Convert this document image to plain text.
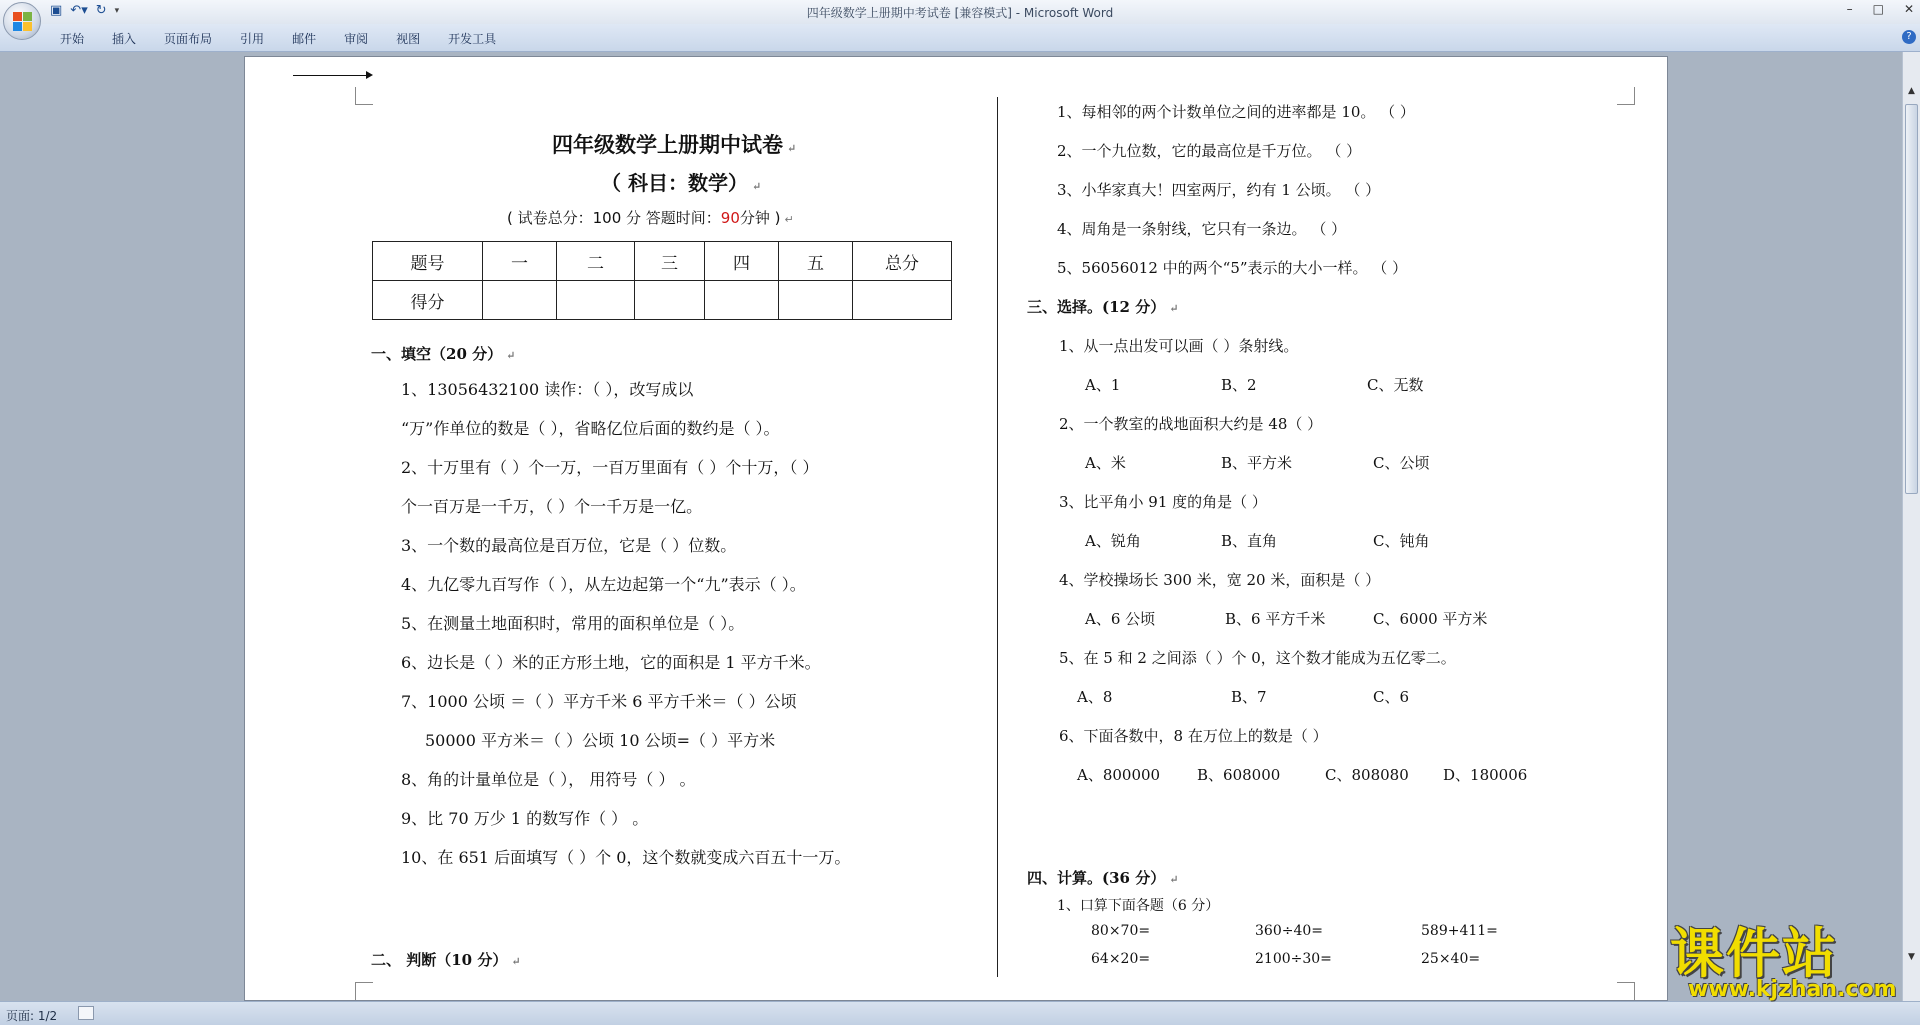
▣ ↶▾ ↻ ▾	四年级数学上册期中考试卷 [兼容模式] - Microsoft Word	– □ ✕
开始 插入 页面布局 引用 邮件 审阅 视图 开发工具	?
四年级数学上册期中试卷 ↵
（ 科目：数学） ↵
( 试卷总分：100 分 答题时间：90分钟 ) ↵
题号	一	二	三	四	五	总分
得分						
一、填空（20 分） ↵
1、13056432100 读作：（ ），改写成以
“万”作单位的数是（ ），省略亿位后面的数约是（ ）。
2、十万里有（ ）个一万，一百万里面有（ ）个十万，（ ）
个一百万是一千万，（ ）个一千万是一亿。
3、一个数的最高位是百万位，它是（ ）位数。
4、九亿零九百写作（ ），从左边起第一个“九”表示（ ）。
5、在测量土地面积时，常用的面积单位是（ ）。
6、边长是（ ）米的正方形土地，它的面积是 1 平方千米。
7、1000 公顷 ＝（ ）平方千米 6 平方千米＝（ ）公顷
50000 平方米＝（ ）公顷 10 公顷=（ ）平方米
8、角的计量单位是（ ）， 用符号（ ） 。
9、比 70 万少 1 的数写作（ ） 。
10、在 651 后面填写（ ）个 0，这个数就变成六百五十一万。
二、 判断（10 分） ↵
1、每相邻的两个计数单位之间的进率都是 10。 （ ）
2、一个九位数，它的最高位是千万位。 （ ）
3、小华家真大！四室两厅，约有 1 公顷。 （ ）
4、周角是一条射线，它只有一条边。 （ ）
5、56056012 中的两个“5”表示的大小一样。 （ ）
三、选择。(12 分） ↵
1、从一点出发可以画（ ）条射线。
A、1	B、2	C、无数
2、一个教室的战地面积大约是 48（ ）
A、米	B、平方米	C、公顷
3、比平角小 91 度的角是（ ）
A、锐角	B、直角	C、钝角
4、学校操场长 300 米，宽 20 米，面积是（ ）
A、6 公顷	B、6 平方千米	C、6000 平方米
5、在 5 和 2 之间添（ ）个 0，这个数才能成为五亿零二。
A、8	B、7	C、6
6、下面各数中，8 在万位上的数是（ ）
A、800000 B、608000	C、808080 D、180006
四、计算。(36 分） ↵
1、口算下面各题（6 分）
80×70=	360÷40=	589+411=
64×20=	2100÷30=	25×40=
▲
▼
页面: 1/2
课件站
www.kjzhan.com
